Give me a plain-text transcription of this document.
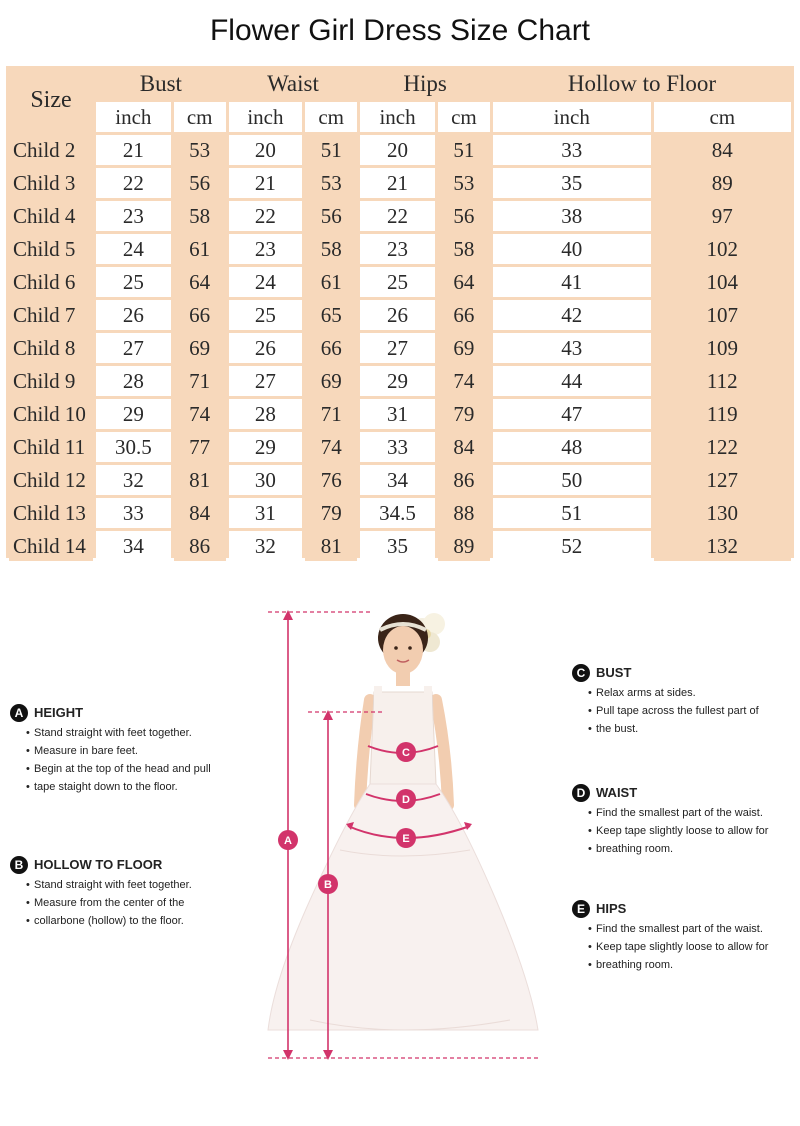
Flower Girl Dress Size Chart
Size	Bust		Waist		Hips		Hollow to Floor	
	inch	cm	inch	cm	inch	cm	inch	cm
Child 2	21	53	20	51	20	51	33	84
Child 3	22	56	21	53	21	53	35	89
Child 4	23	58	22	56	22	56	38	97
Child 5	24	61	23	58	23	58	40	102
Child 6	25	64	24	61	25	64	41	104
Child 7	26	66	25	65	26	66	42	107
Child 8	27	69	26	66	27	69	43	109
Child 9	28	71	27	69	29	74	44	112
Child 10	29	74	28	71	31	79	47	119
Child 11	30.5	77	29	74	33	84	48	122
Child 12	32	81	30	76	34	86	50	127
Child 13	33	84	31	79	34.5	88	51	130
Child 14	34	86	32	81	35	89	52	132
A HEIGHT
• Stand straight with feet together.
• Measure in bare feet.
• Begin at the top of the head and pull
• tape staight down to the floor.
B HOLLOW TO FLOOR
• Stand straight with feet together.
• Measure from the center of the
• collarbone (hollow) to the floor.
C BUST
• Relax arms at sides.
• Pull tape across the fullest part of
• the bust.
D WAIST
• Find the smallest part of the waist.
• Keep tape slightly loose to allow for
• breathing room.
E HIPS
• Find the smallest part of the waist.
• Keep tape slightly loose to allow for
• breathing room.
A
B
C
D
E
